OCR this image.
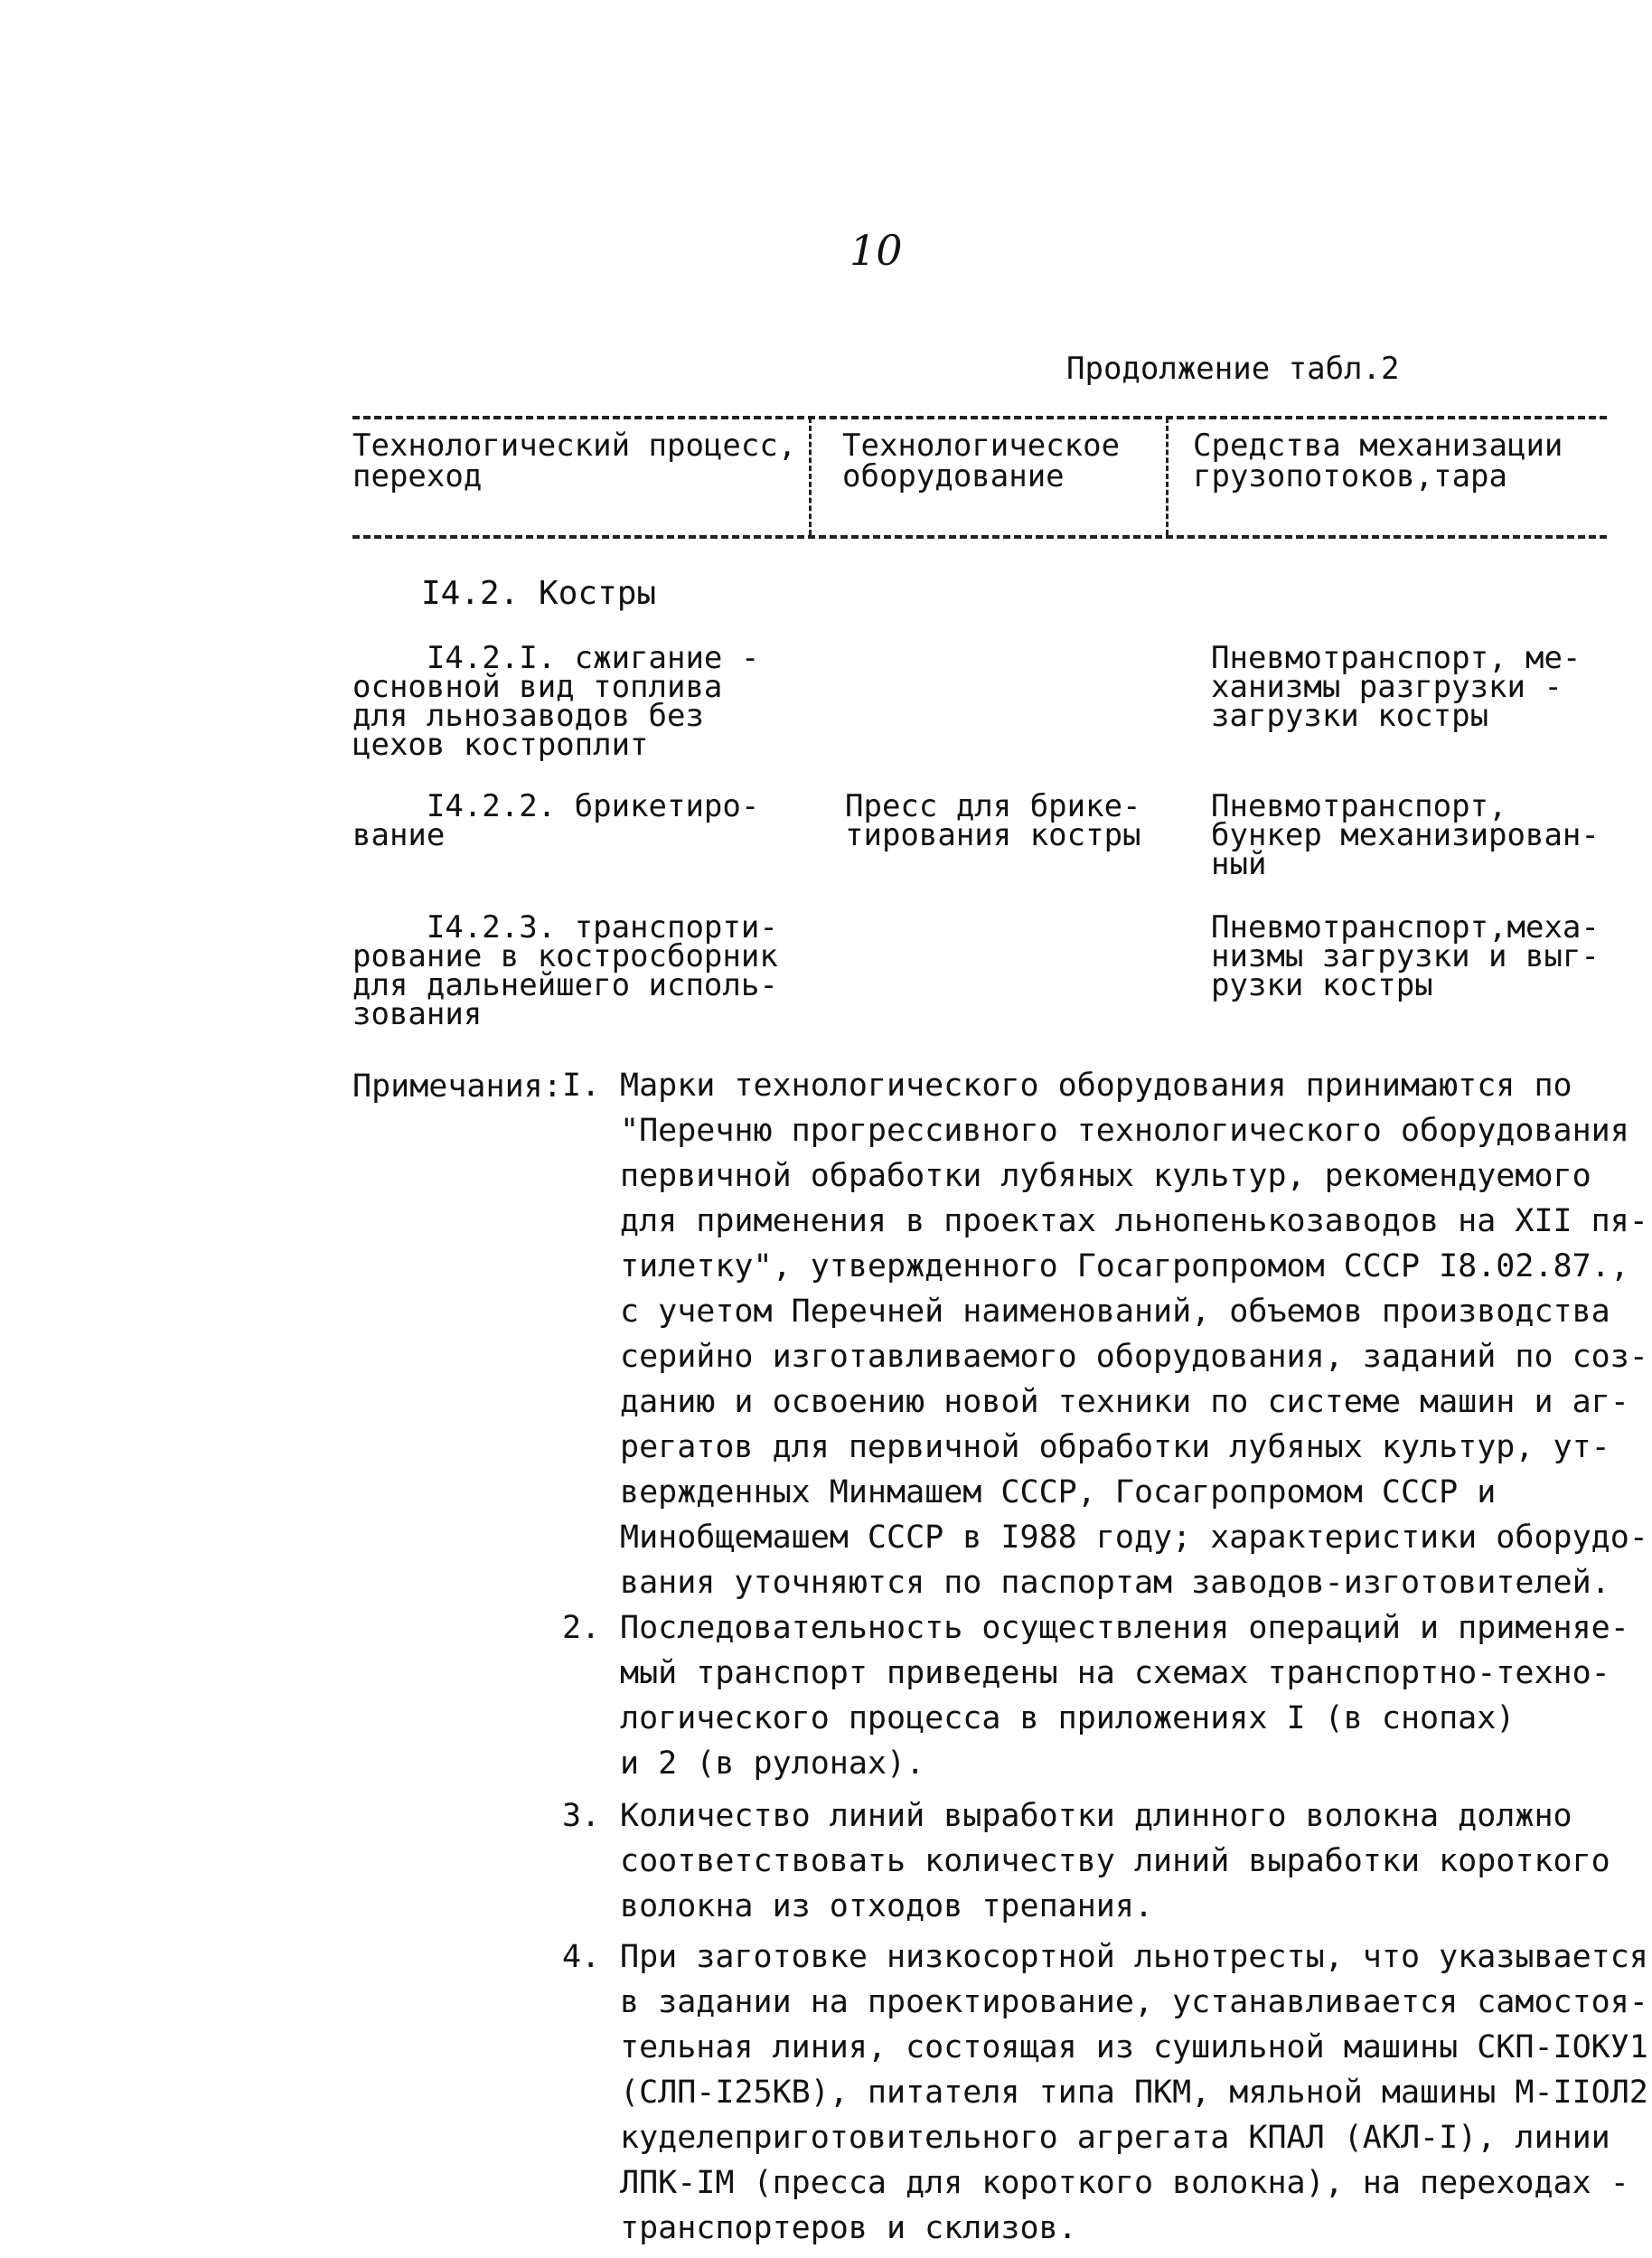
10
Продолжение табл.2
Технологический процесс,
переход
Технологическое
оборудование
Средства механизации
грузопотоков,тара
I4.2. Костры
I4.2.I. сжигание -
основной вид топлива
для льнозаводов без
цехов костроплит
Пневмотранспорт, ме-
ханизмы разгрузки -
загрузки костры
I4.2.2. брикетиро-
вание
Пресс для брике-
тирования костры
Пневмотранспорт,
бункер механизирован-
ный
I4.2.3. транспорти-
рование в костросборник
для дальнейшего исполь-
зования
Пневмотранспорт,меха-
низмы загрузки и выг-
рузки костры
Примечания: I. Марки технологического оборудования принимаются по
"Перечню прогрессивного технологического оборудования
первичной обработки лубяных культур, рекомендуемого
для применения в проектах льнопенькозаводов на XII пя-
тилетку", утвержденного Госагропромом СССР I8.02.87.,
с учетом Перечней наименований, объемов производства
серийно изготавливаемого оборудования, заданий по соз-
данию и освоению новой техники по системе машин и аг-
регатов для первичной обработки лубяных культур, ут-
вержденных Минмашем СССР, Госагропромом СССР и
Минобщемашем СССР в I988 году; характеристики оборудо-
вания уточняются по паспортам заводов-изготовителей.
2. Последовательность осуществления операций и применяе-
мый транспорт приведены на схемах транспортно-техно-
логического процесса в приложениях I (в снопах)
и 2 (в рулонах).
3. Количество линий выработки длинного волокна должно
соответствовать количеству линий выработки короткого
волокна из отходов трепания.
4. При заготовке низкосортной льнотресты, что указывается
в задании на проектирование, устанавливается самостоя-
тельная линия, состоящая из сушильной машины СКП-IОКУ1
(СЛП-I25КВ), питателя типа ПКМ, мяльной машины М-IIОЛ2
куделеприготовительного агрегата КПАЛ (АКЛ-I), линии
ЛПК-IМ (пресса для короткого волокна), на переходах -
транспортеров и склизов.
